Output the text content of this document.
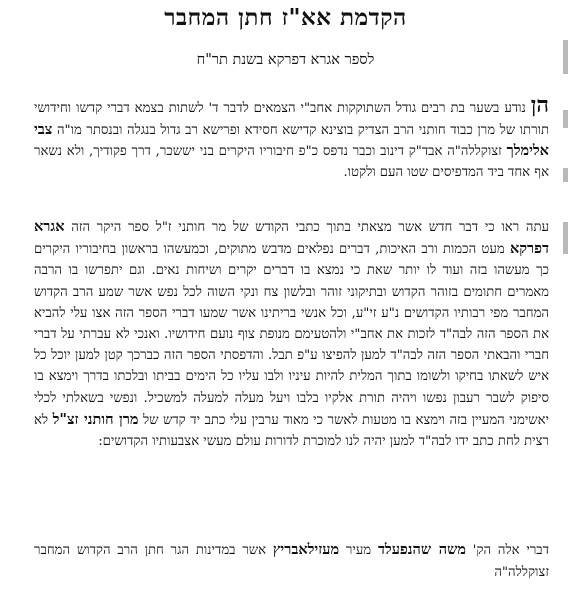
הקדמת אא"ז חתן המחבר

לספר אגרא דפרקא בשנת תר"ח

הן נודע בשער בת רבים גודל השתוקקות אחב"י הצמאים לדבר ד' לשתות בצמא דברי קדשו וחידושי תורתו של מרן כבוד חותני הרב הצדיק בוצינא קדישא חסידא ופרישא רב גדול בנגלה ובנסתר מו"ה צבי אלימלך זצוקללה"ה אבד"ק דינוב וכבר נדפס כ"פ חיבוריו היקרים בני יששכר, דרך פקודיך, ולא נשאר אף אחד ביד המדפיסים שטו העם ולקטו.

עתה ראו כי דבר חדש אשר מצאתי בתוך כתבי הקודש של מר חותני ז"ל ספר היקר הזה אגרא דפרקא מעט הכמות ורב האיכות, דברים נפלאים מדבש מתוקים, וכמעשהו בראשון בחיבוריו היקרים כך מעשהו בזה ועוד לו יותר שאת כי נמצא בו דברים יקרים ושיחות נאים. וגם יתפרשו בו הרבה מאמרים חתומים בזוהר הקדוש ובתיקוני זוהר ובלשון צח ונקי השוה לכל נפש אשר שמע הרב הקדוש המחבר מפי רבותיו הקדושים נ"ע זי"ע, וכל אנשי בריתינו אשר שמעו דברי הספר הזה אצו עלי להביא את הספר הזה לבה"ד לזכות את אחב"י ולהטעימם מנופת צוף נועם חידושיו. ואנכי לא עברתי על דברי חברי והבאתי הספר הזה לבה"ד למען להפיצו ע"פ תבל. והדפסתי הספר הזה כברכך קטן למען יוכל כל איש לשאתו בחיקו ולשומו בתוך המלית להיות עיניו ולבו עליו כל הימים בביתו ובלכתו בדרך וימצא בו סיפוק לשבר רעבון נפשו ויהיה תורת אלקיו בלבו ויעל מעלה למעלה למשכיל. ונפשי בשאלתי לכלי יאשימני המעיין בזה וימצא בו מטעות לאשר כי מאוד ערבין עלי כתב יד קדש של מרן חותני זצ"ל לא רצית לחת כתב ידו לבה"ד למען יהיה לנו למוכרת לדורות עולם מעשי אצבעותיו הקדושים:

דברי אלה הק' משה שהנפעלד מעיר מעזילאבריץ אשר במדינות הגר חתן הרב הקדוש המחבר זצוקללה"ה
